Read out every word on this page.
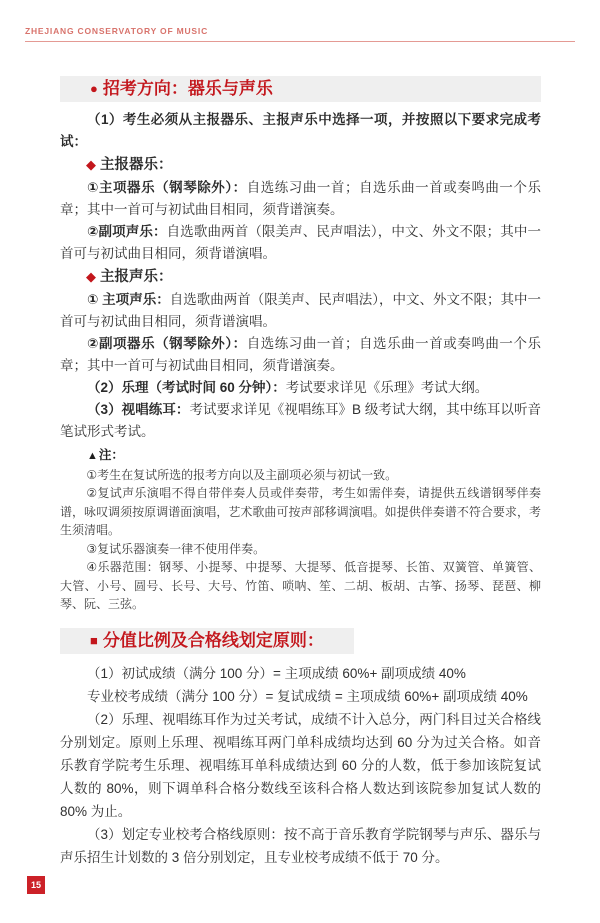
ZHEJIANG CONSERVATORY OF MUSIC
● 招考方向：器乐与声乐

（1）考生必须从主报器乐、主报声乐中选择一项，并按照以下要求完成考试：

◆ 主报器乐：

①主项器乐（钢琴除外）：自选练习曲一首；自选乐曲一首或奏鸣曲一个乐章；其中一首可与初试曲目相同，须背谱演奏。

②副项声乐：自选歌曲两首（限美声、民声唱法），中文、外文不限；其中一首可与初试曲目相同，须背谱演唱。

◆ 主报声乐：

① 主项声乐：自选歌曲两首（限美声、民声唱法），中文、外文不限；其中一首可与初试曲目相同，须背谱演唱。

②副项器乐（钢琴除外）：自选练习曲一首；自选乐曲一首或奏鸣曲一个乐章；其中一首可与初试曲目相同，须背谱演奏。

（2）乐理（考试时间 60 分钟）：考试要求详见《乐理》考试大纲。

（3）视唱练耳：考试要求详见《视唱练耳》B 级考试大纲，其中练耳以听音笔试形式考试。

▲注：

①考生在复试所选的报考方向以及主副项必须与初试一致。

②复试声乐演唱不得自带伴奏人员或伴奏带，考生如需伴奏，请提供五线谱钢琴伴奏谱，咏叹调须按原调谱面演唱，艺术歌曲可按声部移调演唱。如提供伴奏谱不符合要求，考生须清唱。

③复试乐器演奏一律不使用伴奏。

④乐器范围：钢琴、小提琴、中提琴、大提琴、低音提琴、长笛、双簧管、单簧管、大管、小号、圆号、长号、大号、竹笛、唢呐、笙、二胡、板胡、古筝、扬琴、琵琶、柳琴、阮、三弦。

■ 分值比例及合格线划定原则：

（1）初试成绩（满分 100 分）= 主项成绩 60%+ 副项成绩 40%

专业校考成绩（满分 100 分）= 复试成绩 = 主项成绩 60%+ 副项成绩 40%

（2）乐理、视唱练耳作为过关考试，成绩不计入总分，两门科目过关合格线分别划定。原则上乐理、视唱练耳两门单科成绩均达到 60 分为过关合格。如音乐教育学院考生乐理、视唱练耳单科成绩达到 60 分的人数，低于参加该院复试人数的 80%，则下调单科合格分数线至该科合格人数达到该院参加复试人数的 80% 为止。

（3）划定专业校考合格线原则：按不高于音乐教育学院钢琴与声乐、器乐与声乐招生计划数的 3 倍分别划定，且专业校考成绩不低于 70 分。

15
